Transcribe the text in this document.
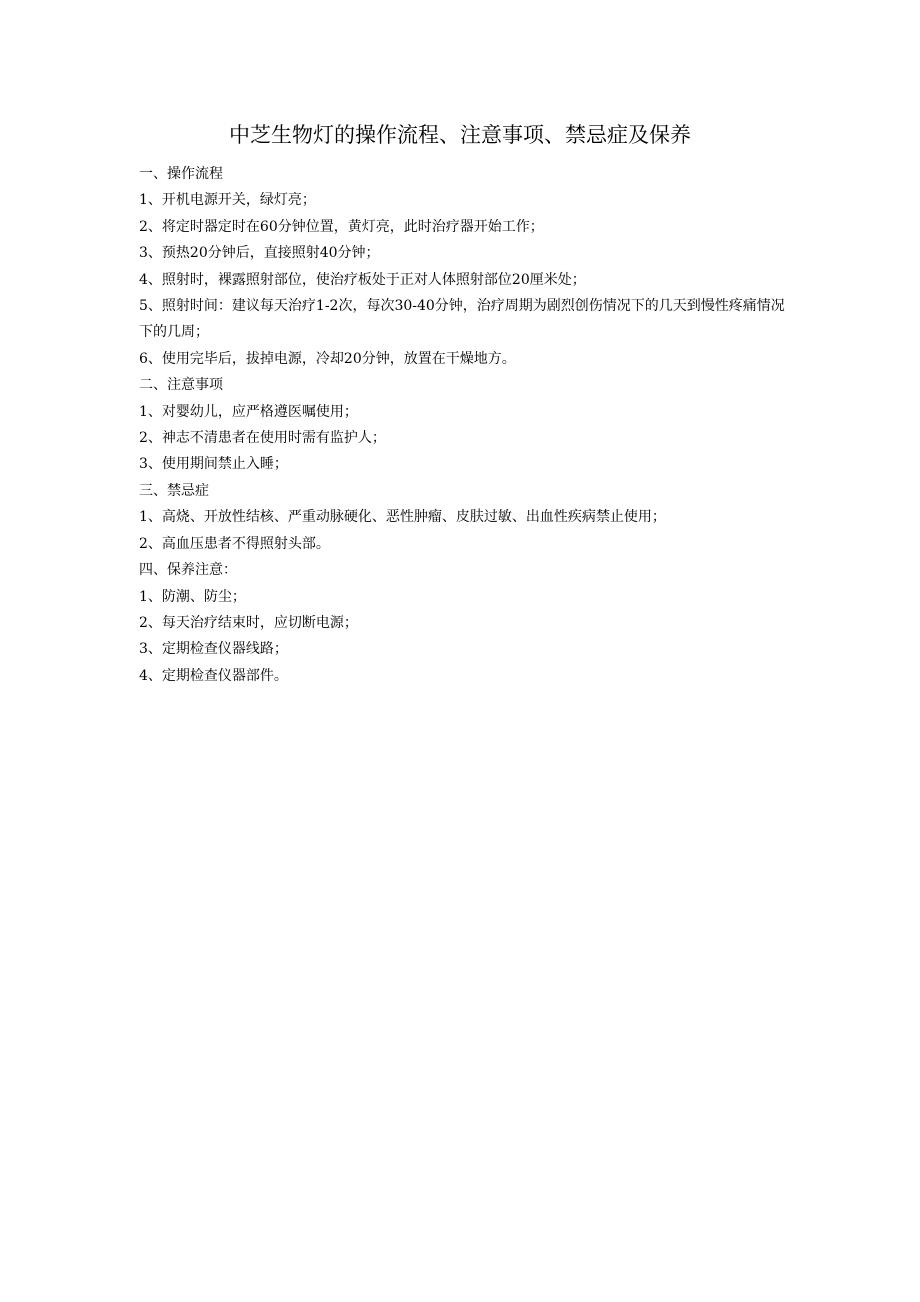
中芝生物灯的操作流程、注意事项、禁忌症及保养

一、操作流程

1、开机电源开关，绿灯亮；

2、将定时器定时在60分钟位置，黄灯亮，此时治疗器开始工作；

3、预热20分钟后，直接照射40分钟；

4、照射时，裸露照射部位，使治疗板处于正对人体照射部位20厘米处；

5、照射时间：建议每天治疗1-2次，每次30-40分钟，治疗周期为剧烈创伤情况下的几天到慢性疼痛情况下的几周；

6、使用完毕后，拔掉电源，冷却20分钟，放置在干燥地方。

二、注意事项

1、对婴幼儿，应严格遵医嘱使用；

2、神志不清患者在使用时需有监护人；

3、使用期间禁止入睡；

三、禁忌症

1、高烧、开放性结核、严重动脉硬化、恶性肿瘤、皮肤过敏、出血性疾病禁止使用；

2、高血压患者不得照射头部。

四、保养注意：

1、防潮、防尘；

2、每天治疗结束时，应切断电源；

3、定期检查仪器线路；

4、定期检查仪器部件。
